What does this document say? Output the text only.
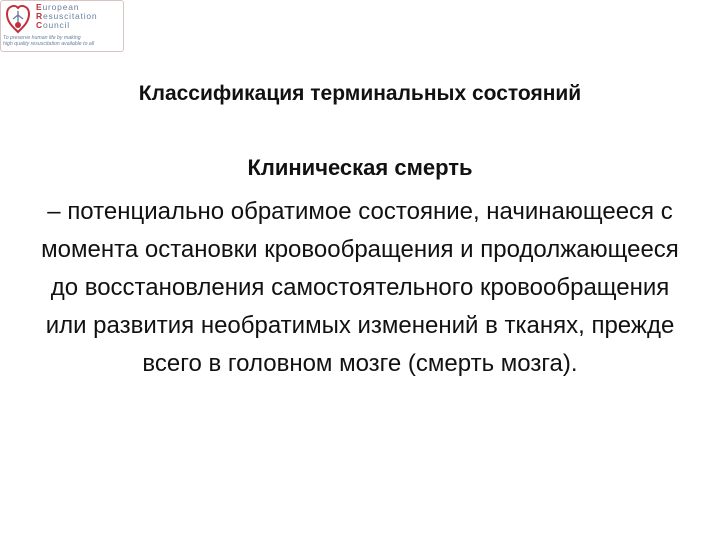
European
Resuscitation
Council
To preserve human life by making
high quality resuscitation available to all
Классификация терминальных состояний
Клиническая смерть

– потенциально обратимое состояние, начинающееся с момента остановки кровообращения и продолжающееся до восстановления самостоятельного кровообращения или развития необратимых изменений в тканях, прежде всего в головном мозге (смерть мозга).
